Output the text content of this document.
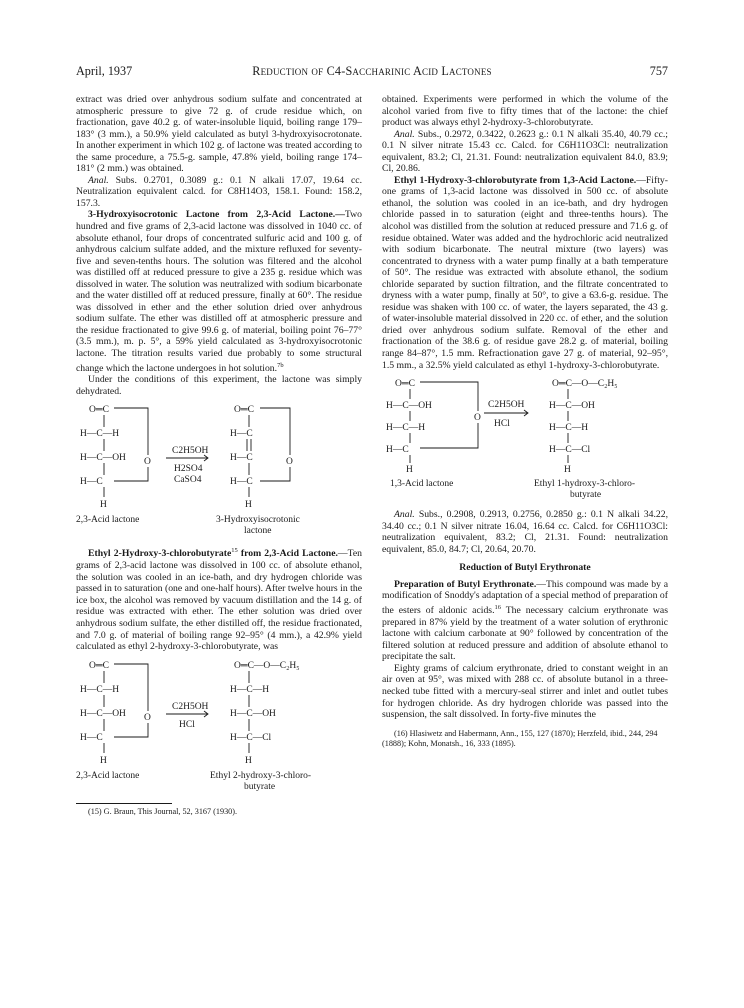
April, 1937	Reduction of C4-Saccharinic Acid Lactones	757

extract was dried over anhydrous sodium sulfate and concentrated at atmospheric pressure to give 72 g. of crude residue which, on fractionation, gave 40.2 g. of water-insoluble liquid, boiling range 179–183° (3 mm.), a 50.9% yield calculated as butyl 3-hydroxyisocrotonate. In another experiment in which 102 g. of lactone was treated according to the same procedure, a 75.5-g. sample, 47.8% yield, boiling range 174–181° (2 mm.) was obtained.

Anal. Subs. 0.2701, 0.3089 g.: 0.1 N alkali 17.07, 19.64 cc. Neutralization equivalent calcd. for C8H14O3, 158.1. Found: 158.2, 157.3.

3-Hydroxyisocrotonic Lactone from 2,3-Acid Lactone.—Two hundred and five grams of 2,3-acid lactone was dissolved in 1040 cc. of absolute ethanol, four drops of concentrated sulfuric acid and 100 g. of anhydrous calcium sulfate added, and the mixture refluxed for seventy-five and seven-tenths hours. The solution was filtered and the alcohol was distilled off at reduced pressure to give a 235 g. residue which was dissolved in water. The solution was neutralized with sodium bicarbonate and the water distilled off at reduced pressure, finally at 60°. The residue was dissolved in ether and the ether solution dried over anhydrous sodium sulfate. The ether was distilled off at atmospheric pressure and the residue fractionated to give 99.6 g. of material, boiling point 76–77° (3.5 mm.), m. p. 5°, a 59% yield calculated as 3-hydroxyisocrotonic lactone. The titration results varied due probably to some structural change which the lactone undergoes in hot solution.$^{7b}$

Under the conditions of this experiment, the lactone was simply dehydrated.

O═C
H—C—H
H—C—OH
H—C
H
O
C2H5OH
H2SO4
CaSO4
O═C
H—C
H—C
H—C
H
O
2,3-Acid lactone	3-Hydroxyisocrotonic
lactone

Ethyl 2-Hydroxy-3-chlorobutyrate$^{15}$ from 2,3-Acid Lactone.—Ten grams of 2,3-acid lactone was dissolved in 100 cc. of absolute ethanol, the solution was cooled in an ice-bath, and dry hydrogen chloride was passed in to saturation (one and one-half hours). After twelve hours in the ice box, the alcohol was removed by vacuum distillation and the 14 g. of residue was extracted with ether. The ether solution was dried over anhydrous sodium sulfate, the ether distilled off, the residue fractionated, and 7.0 g. of material of boiling range 92–95° (4 mm.), a 42.9% yield calculated as ethyl 2-hydroxy-3-chlorobutyrate, was

O═C
H—C—H
H—C—OH
H—C
H
O
C2H5OH
HCl
O═C—O—C₂H₅
H—C—H
H—C—OH
H—C—Cl
H
2,3-Acid lactone	Ethyl 2-hydroxy-3-chloro-
butyrate

(15) G. Braun, This Journal, 52, 3167 (1930).

obtained. Experiments were performed in which the volume of the alcohol varied from five to fifty times that of the lactone: the chief product was always ethyl 2-hydroxy-3-chlorobutyrate.

Anal. Subs., 0.2972, 0.3422, 0.2623 g.: 0.1 N alkali 35.40, 40.79 cc.; 0.1 N silver nitrate 15.43 cc. Calcd. for C6H11O3Cl: neutralization equivalent, 83.2; Cl, 21.31. Found: neutralization equivalent 84.0, 83.9; Cl, 20.86.

Ethyl 1-Hydroxy-3-chlorobutyrate from 1,3-Acid Lactone.—Fifty-one grams of 1,3-acid lactone was dissolved in 500 cc. of absolute ethanol, the solution was cooled in an ice-bath, and dry hydrogen chloride passed in to saturation (eight and three-tenths hours). The alcohol was distilled from the solution at reduced pressure and 71.6 g. of residue obtained. Water was added and the hydrochloric acid neutralized with sodium bicarbonate. The neutral mixture (two layers) was concentrated to dryness with a water pump finally at a bath temperature of 50°. The residue was extracted with absolute ethanol, the sodium chloride separated by suction filtration, and the filtrate concentrated to dryness with a water pump, finally at 50°, to give a 63.6-g. residue. The residue was shaken with 100 cc. of water, the layers separated, the 43 g. of water-insoluble material dissolved in 220 cc. of ether, and the solution dried over anhydrous sodium sulfate. Removal of the ether and fractionation of the 38.6 g. of residue gave 28.2 g. of material, boiling range 84–87°, 1.5 mm. Refractionation gave 27 g. of material, 92–95°, 1.5 mm., a 32.5% yield calculated as ethyl 1-hydroxy-3-chlorobutyrate.

O═C
H—C—OH
H—C—H
H—C
H
O
C2H5OH
HCl
O═C—O—C₂H₅
H—C—OH
H—C—H
H—C—Cl
H
1,3-Acid lactone	Ethyl 1-hydroxy-3-chloro-
butyrate

Anal. Subs., 0.2908, 0.2913, 0.2756, 0.2850 g.: 0.1 N alkali 34.22, 34.40 cc.; 0.1 N silver nitrate 16.04, 16.64 cc. Calcd. for C6H11O3Cl: neutralization equivalent, 83.2; Cl, 21.31. Found: neutralization equivalent, 85.0, 84.7; Cl, 20.64, 20.70.

Reduction of Butyl Erythronate

Preparation of Butyl Erythronate.—This compound was made by a modification of Snoddy's adaptation of a special method of preparation of the esters of aldonic acids.$^{16}$ The necessary calcium erythronate was prepared in 87% yield by the treatment of a water solution of erythronic lactone with calcium carbonate at 90° followed by concentration of the filtered solution at reduced pressure and addition of absolute ethanol to precipitate the salt.

Eighty grams of calcium erythronate, dried to constant weight in an air oven at 95°, was mixed with 288 cc. of absolute butanol in a three-necked tube fitted with a mercury-seal stirrer and inlet and outlet tubes for hydrogen chloride. As dry hydrogen chloride was passed into the suspension, the salt dissolved. In forty-five minutes the

(16) Hlasiwetz and Habermann, Ann., 155, 127 (1870); Herzfeld, ibid., 244, 294 (1888); Kohn, Monatsh., 16, 333 (1895).
